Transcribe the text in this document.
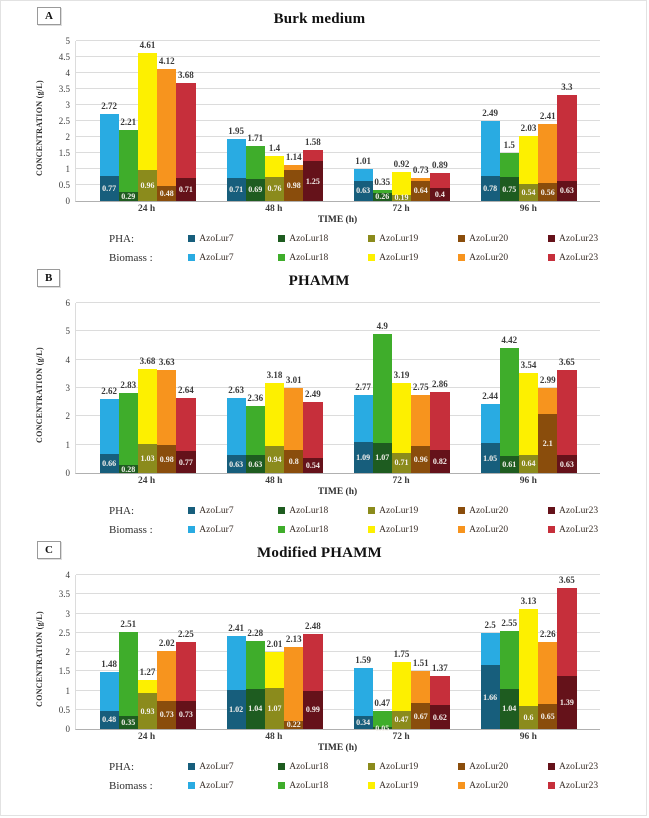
A	Burk medium
CONCENTRATION (g/L)
0
0.5
1
1.5
2
2.5
3
3.5
4
4.5
5
0.77
2.72
0.29
2.21
0.96
4.61
0.48
4.12
0.71
3.68
0.71
1.95
0.69
1.71
0.76
1.4
0.98
1.14
1.25
1.58
0.63
1.01
0.26
0.35
0.19
0.92
0.64
0.73
0.4
0.89
0.78
2.49
0.75
1.5
0.54
2.03
0.56
2.41
0.63
3.3
24 h	48 h	72 h	96 h
TIME (h)
PHA:	AzoLur7	AzoLur18	AzoLur19	AzoLur20	AzoLur23
Biomass :	AzoLur7	AzoLur18	AzoLur19	AzoLur20	AzoLur23
B	PHAMM
CONCENTRATION (g/L)
0
1
2
3
4
5
6
0.66
2.62
0.28
2.83
1.03
3.68
0.98
3.63
0.77
2.64
0.63
2.63
0.63
2.36
0.94
3.18
0.8
3.01
0.54
2.49
1.09
2.77
1.07
4.9
0.71
3.19
0.96
2.75
0.82
2.86
1.05
2.44
0.61
4.42
0.64
3.54
2.1
2.99
0.63
3.65
24 h	48 h	72 h	96 h
TIME (h)
PHA:	AzoLur7	AzoLur18	AzoLur19	AzoLur20	AzoLur23
Biomass :	AzoLur7	AzoLur18	AzoLur19	AzoLur20	AzoLur23
C	Modified PHAMM
CONCENTRATION (g/L)
0
0.5
1
1.5
2
2.5
3
3.5
4
0.48
1.48
0.35
2.51
0.93
1.27
0.73
2.02
0.73
2.25
1.02
2.41
1.04
2.28
1.07
2.01
0.22
2.13
0.99
2.48
0.34
1.59
0.05
0.47
0.47
1.75
0.67
1.51
0.62
1.37
1.66
2.5
1.04
2.55
0.6
3.13
0.65
2.26
1.39
3.65
24 h	48 h	72 h	96 h
TIME (h)
PHA:	AzoLur7	AzoLur18	AzoLur19	AzoLur20	AzoLur23
Biomass :	AzoLur7	AzoLur18	AzoLur19	AzoLur20	AzoLur23
